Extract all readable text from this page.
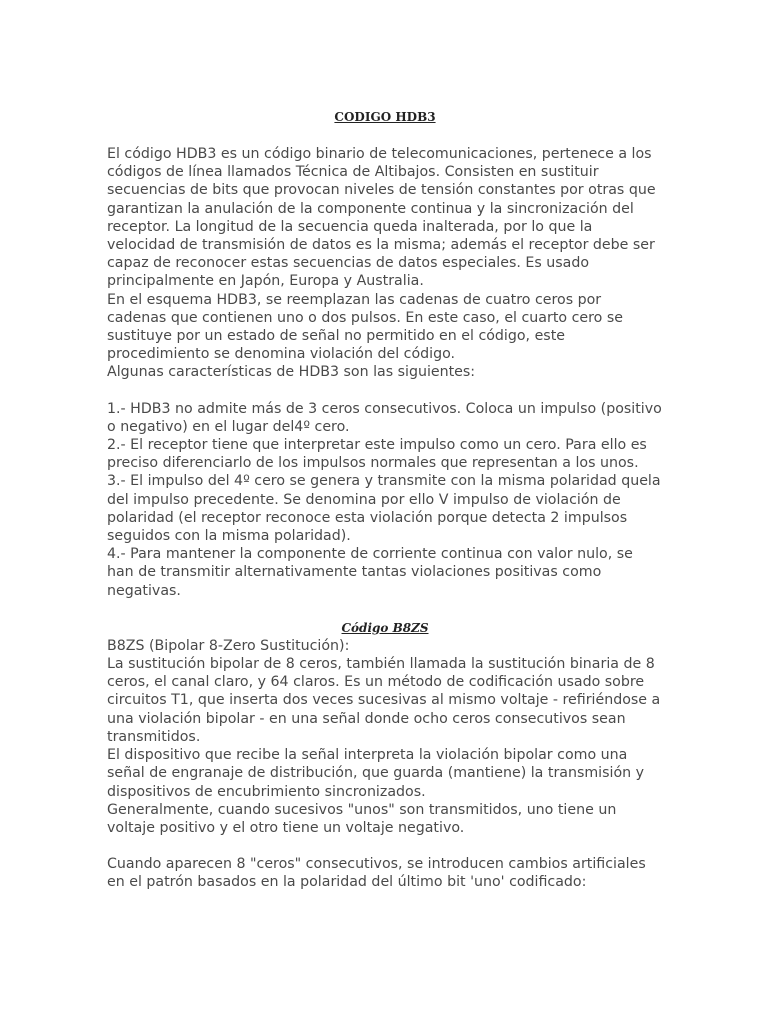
CODIGO HDB3

El código HDB3 es un código binario de telecomunicaciones, pertenece a los códigos de línea llamados Técnica de Altibajos. Consisten en sustituir secuencias de bits que provocan niveles de tensión constantes por otras que garantizan la anulación de la componente continua y la sincronización del receptor. La longitud de la secuencia queda inalterada, por lo que la velocidad de transmisión de datos es la misma; además el receptor debe ser capaz de reconocer estas secuencias de datos especiales. Es usado principalmente en Japón, Europa y Australia.

En el esquema HDB3, se reemplazan las cadenas de cuatro ceros por cadenas que contienen uno o dos pulsos. En este caso, el cuarto cero se sustituye por un estado de señal no permitido en el código, este procedimiento se denomina violación del código.

Algunas características de HDB3 son las siguientes:

1.- HDB3 no admite más de 3 ceros consecutivos. Coloca un impulso (positivo o negativo) en el lugar del4º cero.

2.- El receptor tiene que interpretar este impulso como un cero. Para ello es preciso diferenciarlo de los impulsos normales que representan a los unos.

3.- El impulso del 4º cero se genera y transmite con la misma polaridad quela del impulso precedente. Se denomina por ello V impulso de violación de polaridad (el receptor reconoce esta violación porque detecta 2 impulsos seguidos con la misma polaridad).

4.- Para mantener la componente de corriente continua con valor nulo, se han de transmitir alternativamente tantas violaciones positivas como negativas.

Código B8ZS

B8ZS (Bipolar 8-Zero Sustitución):

La sustitución bipolar de 8 ceros, también llamada la sustitución binaria de 8 ceros, el canal claro, y 64 claros. Es un método de codificación usado sobre circuitos T1, que inserta dos veces sucesivas al mismo voltaje - refiriéndose a una violación bipolar - en una señal donde ocho ceros consecutivos sean transmitidos.

El dispositivo que recibe la señal interpreta la violación bipolar como una señal de engranaje de distribución, que guarda (mantiene) la transmisión y dispositivos de encubrimiento sincronizados.

Generalmente, cuando sucesivos "unos" son transmitidos, uno tiene un voltaje positivo y el otro tiene un voltaje negativo.

Cuando aparecen 8 "ceros" consecutivos, se introducen cambios artificiales en el patrón basados en la polaridad del último bit 'uno' codificado:
